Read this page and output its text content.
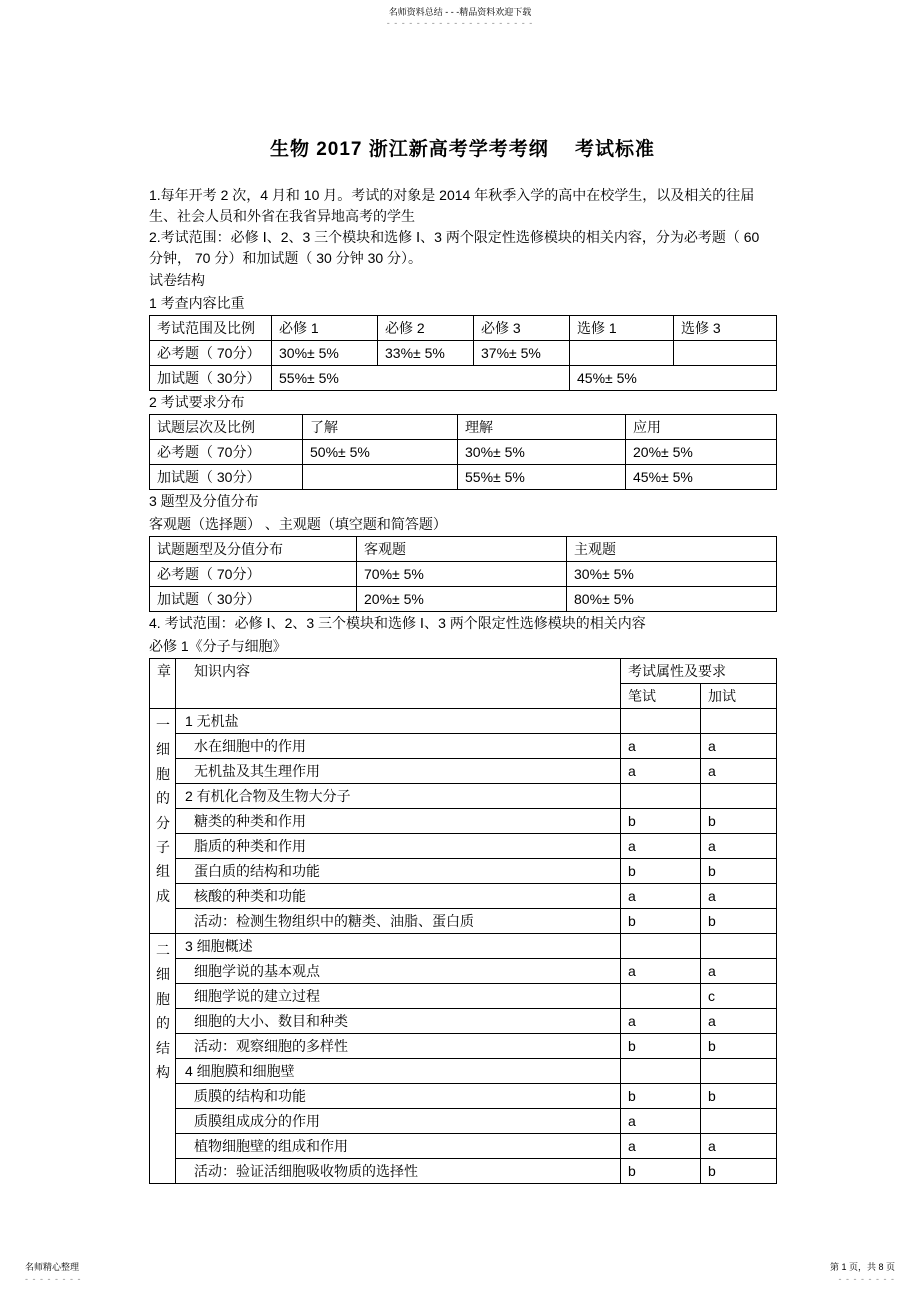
名师资料总结 - - -精品资料欢迎下载
- - - - - - - - - - - - - - - - - - - -
生物 2017 浙江新高考学考考纲　 考试标准

1.每年开考 2 次，4 月和 10 月。考试的对象是 2014 年秋季入学的高中在校学生，以及相关的往届生、社会人员和外省在我省异地高考的学生

2.考试范围：必修 Ⅰ、2、3 三个模块和选修 Ⅰ、3 两个限定性选修模块的相关内容，分为必考题（ 60 分钟， 70 分）和加试题（ 30 分钟 30 分）。

试卷结构
1 考查内容比重
考试范围及比例	必修 1	必修 2	必修 3	选修 1	选修 3
必考题（ 70分）	30%± 5%	33%± 5%	37%± 5%		
加试题（ 30分）	55%± 5%			45%± 5%	
2 考试要求分布
试题层次及比例	了解	理解	应用
必考题（ 70分）	50%± 5%	30%± 5%	20%± 5%
加试题（ 30分）		55%± 5%	45%± 5%
3 题型及分值分布
客观题（选择题） 、主观题（填空题和简答题）
试题题型及分值分布	客观题	主观题
必考题（ 70分）	70%± 5%	30%± 5%
加试题（ 30分）	20%± 5%	80%± 5%
4. 考试范围：必修 Ⅰ、2、3 三个模块和选修 Ⅰ、3 两个限定性选修模块的相关内容
必修 1《分子与细胞》
章	知识内容	考试属性及要求	
		笔试	加试
一细胞的分子组成	1 无机盐		
	水在细胞中的作用	a	a
	无机盐及其生理作用	a	a
	2 有机化合物及生物大分子		
	糖类的种类和作用	b	b
	脂质的种类和作用	a	a
	蛋白质的结构和功能	b	b
	核酸的种类和功能	a	a
	活动：检测生物组织中的糖类、油脂、蛋白质	b	b
二细胞的结构	3 细胞概述		
	细胞学说的基本观点	a	a
	细胞学说的建立过程		c
	细胞的大小、数目和种类	a	a
	活动：观察细胞的多样性	b	b
	4 细胞膜和细胞壁		
	质膜的结构和功能	b	b
	质膜组成成分的作用	a	
	植物细胞壁的组成和作用	a	a
	活动：验证活细胞吸收物质的选择性	b	b
名师精心整理
- - - - - - - -
第 1 页，共 8 页
- - - - - - - -
